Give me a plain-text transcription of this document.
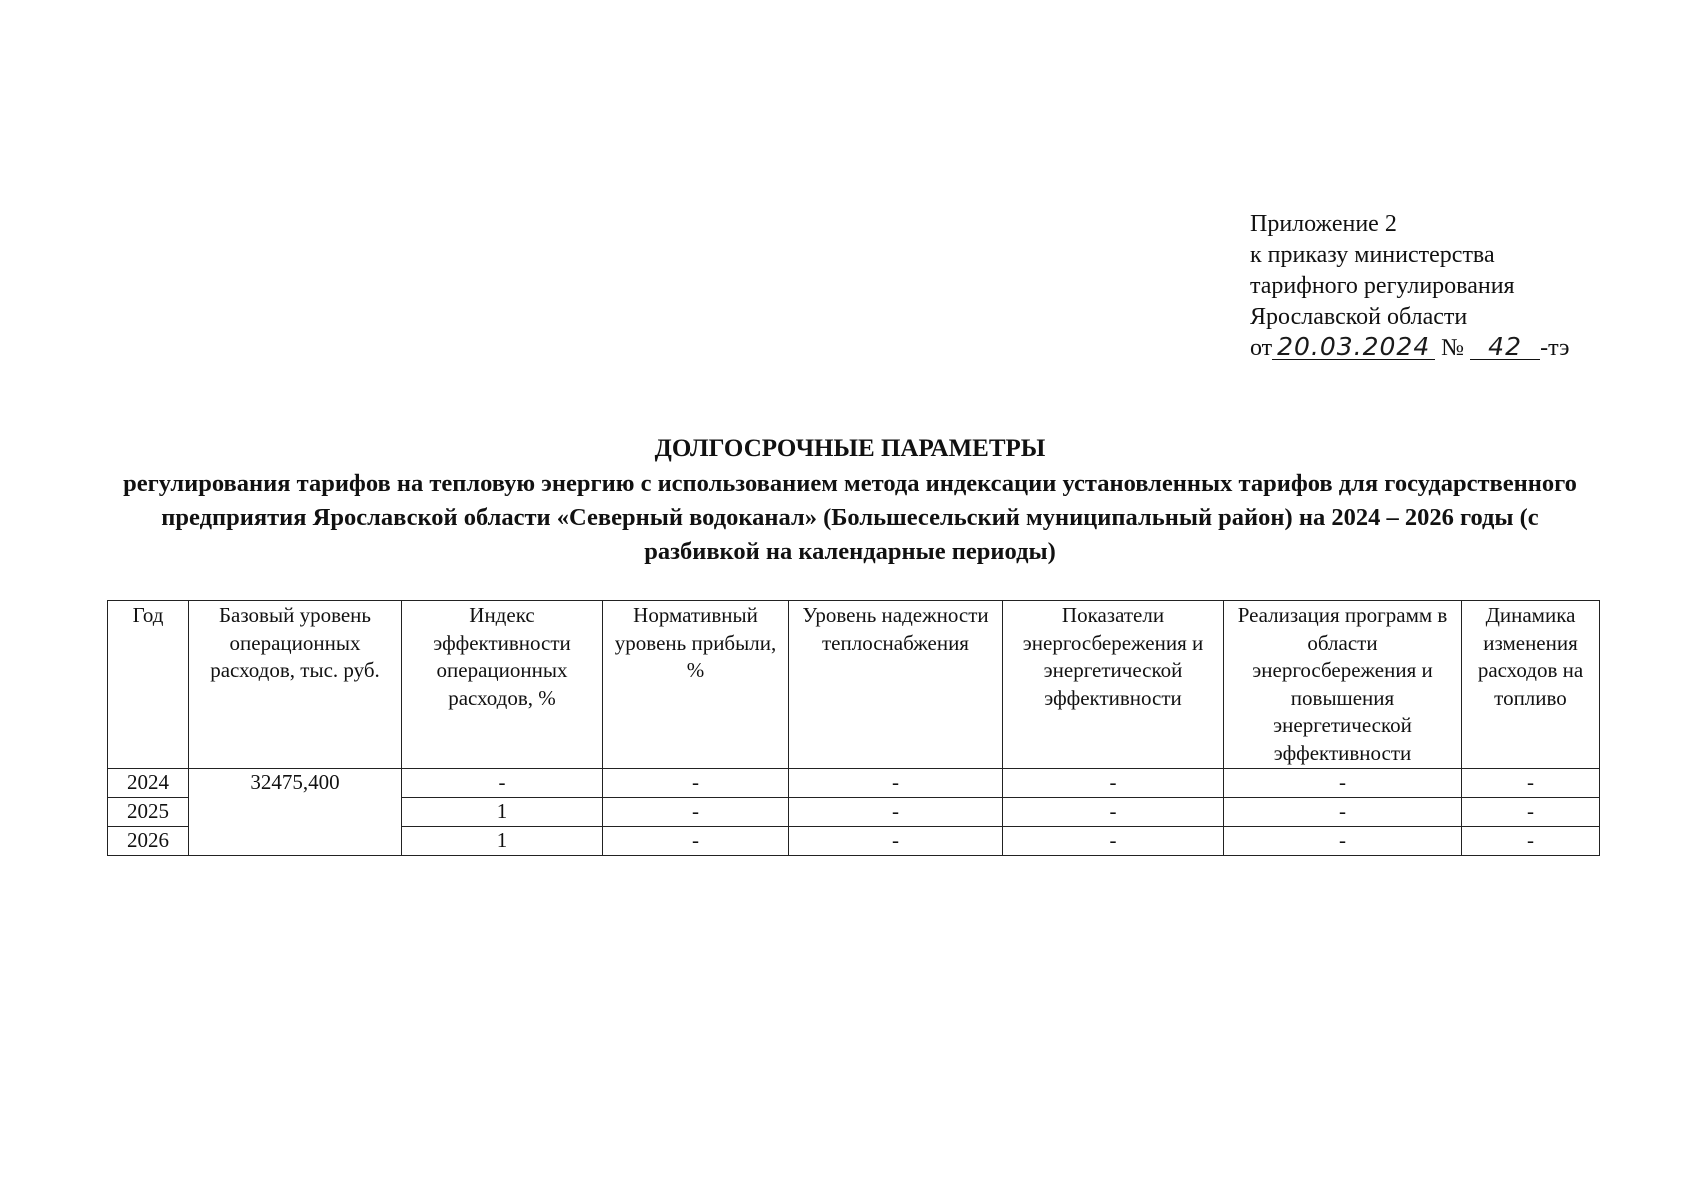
Приложение 2
к приказу министерства
тарифного регулирования
Ярославской области
от 20.03.2024 № 42 -тэ
ДОЛГОСРОЧНЫЕ ПАРАМЕТРЫ
регулирования тарифов на тепловую энергию с использованием метода индексации установленных тарифов для государственного предприятия Ярославской области «Северный водоканал» (Большесельский муниципальный район) на 2024 – 2026 годы (с разбивкой на календарные периоды)
Год	Базовый уровень операционных расходов, тыс. руб.	Индекс эффективности операционных расходов, %	Нормативный уровень прибыли, %	Уровень надежности теплоснабжения	Показатели энергосбережения и энергетической эффективности	Реализация программ в области энергосбережения и повышения энергетической эффективности	Динамика изменения расходов на топливо
2024	32475,400	-	-	-	-	-	-
2025		1	-	-	-	-	-
2026		1	-	-	-	-	-
